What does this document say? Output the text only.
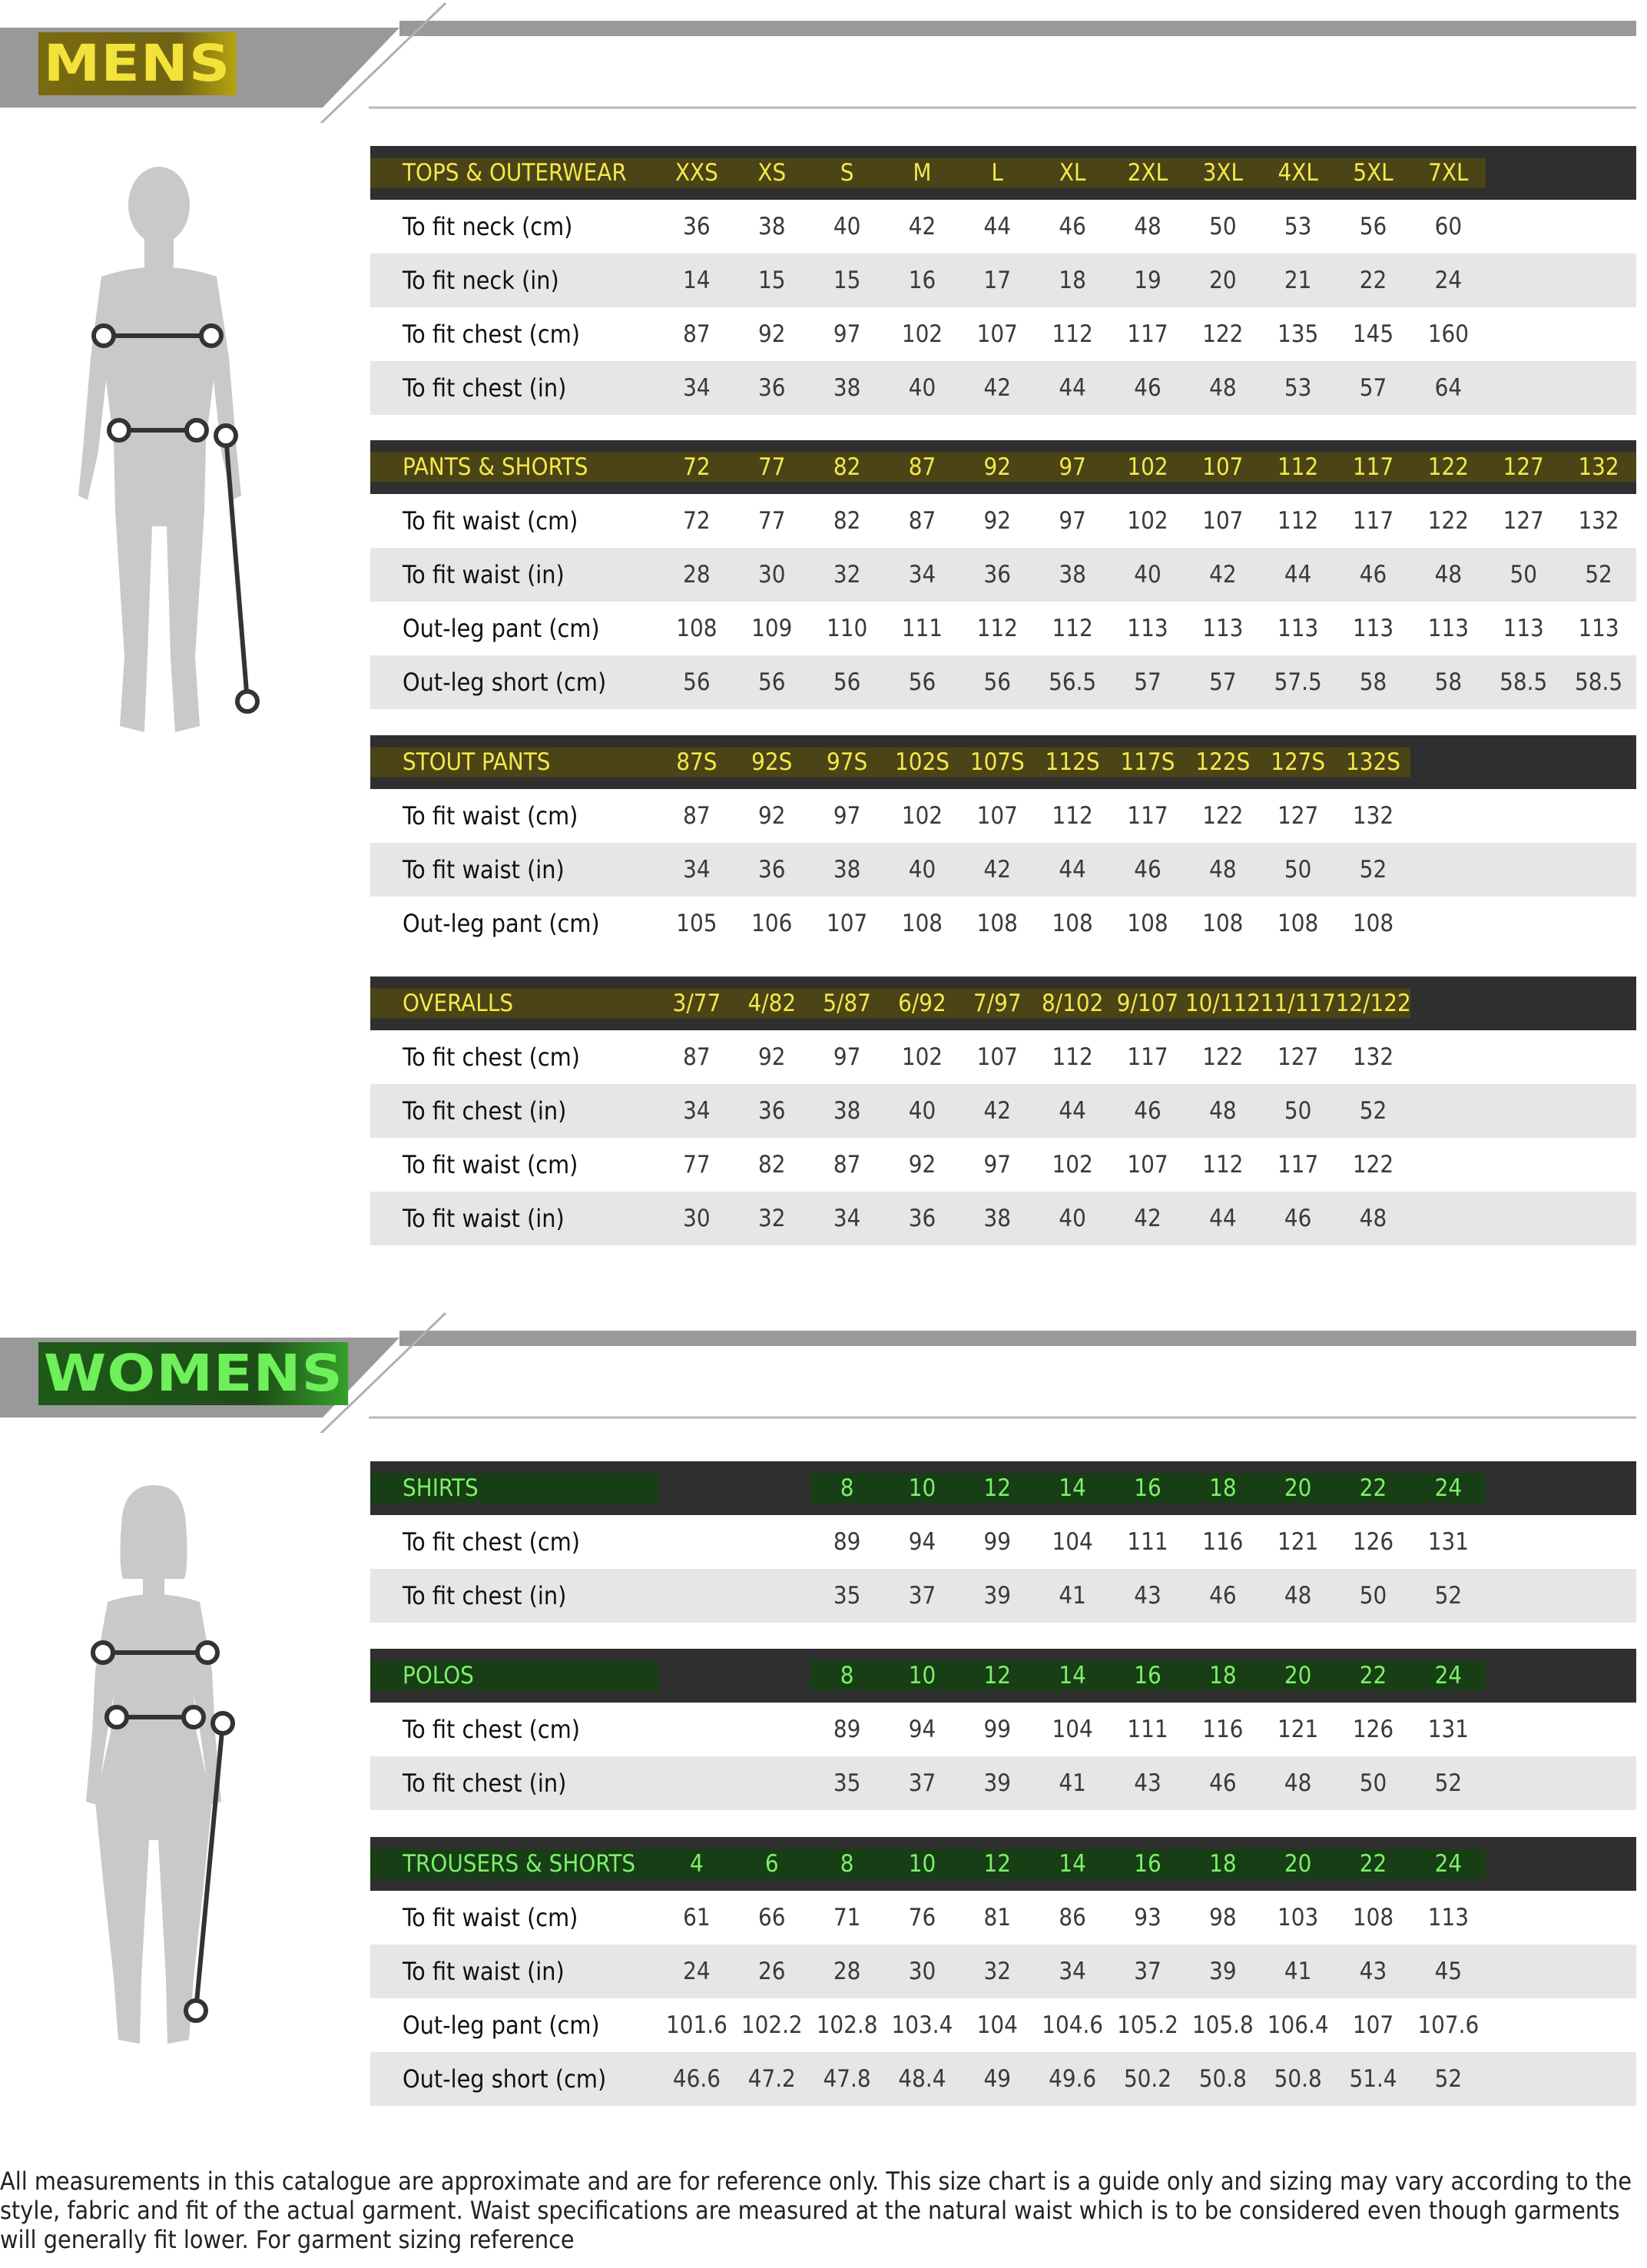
MENS
TOPS & OUTERWEAR	XXS	XS	S	M	L	XL	2XL	3XL	4XL	5XL	7XL		
To fit neck (cm)	36	38	40	42	44	46	48	50	53	56	60		
To fit neck (in)	14	15	15	16	17	18	19	20	21	22	24		
To fit chest (cm)	87	92	97	102	107	112	117	122	135	145	160		
To fit chest (in)	34	36	38	40	42	44	46	48	53	57	64		
PANTS & SHORTS	72	77	82	87	92	97	102	107	112	117	122	127	132
To fit waist (cm)	72	77	82	87	92	97	102	107	112	117	122	127	132
To fit waist (in)	28	30	32	34	36	38	40	42	44	46	48	50	52
Out-leg pant (cm)	108	109	110	111	112	112	113	113	113	113	113	113	113
Out-leg short (cm)	56	56	56	56	56	56.5	57	57	57.5	58	58	58.5	58.5
STOUT PANTS	87S	92S	97S	102S	107S	112S	117S	122S	127S	132S			
To fit waist (cm)	87	92	97	102	107	112	117	122	127	132			
To fit waist (in)	34	36	38	40	42	44	46	48	50	52			
Out-leg pant (cm)	105	106	107	108	108	108	108	108	108	108			
OVERALLS	3/77	4/82	5/87	6/92	7/97	8/102	9/107	10/112	11/117	12/122			
To fit chest (cm)	87	92	97	102	107	112	117	122	127	132			
To fit chest (in)	34	36	38	40	42	44	46	48	50	52			
To fit waist (cm)	77	82	87	92	97	102	107	112	117	122			
To fit waist (in)	30	32	34	36	38	40	42	44	46	48			
WOMENS
SHIRTS			8	10	12	14	16	18	20	22	24		
To fit chest (cm)			89	94	99	104	111	116	121	126	131		
To fit chest (in)			35	37	39	41	43	46	48	50	52		
POLOS			8	10	12	14	16	18	20	22	24		
To fit chest (cm)			89	94	99	104	111	116	121	126	131		
To fit chest (in)			35	37	39	41	43	46	48	50	52		
TROUSERS & SHORTS	4	6	8	10	12	14	16	18	20	22	24		
To fit waist (cm)	61	66	71	76	81	86	93	98	103	108	113		
To fit waist (in)	24	26	28	30	32	34	37	39	41	43	45		
Out-leg pant (cm)	101.6	102.2	102.8	103.4	104	104.6	105.2	105.8	106.4	107	107.6		
Out-leg short (cm)	46.6	47.2	47.8	48.4	49	49.6	50.2	50.8	50.8	51.4	52		
All measurements in this catalogue are approximate and are for reference only. This size chart is a guide only and sizing may vary according to the style, fabric and fit of the actual garment. Waist specifications are measured at the natural waist which is to be considered even though garments will generally fit lower. For garment sizing reference
